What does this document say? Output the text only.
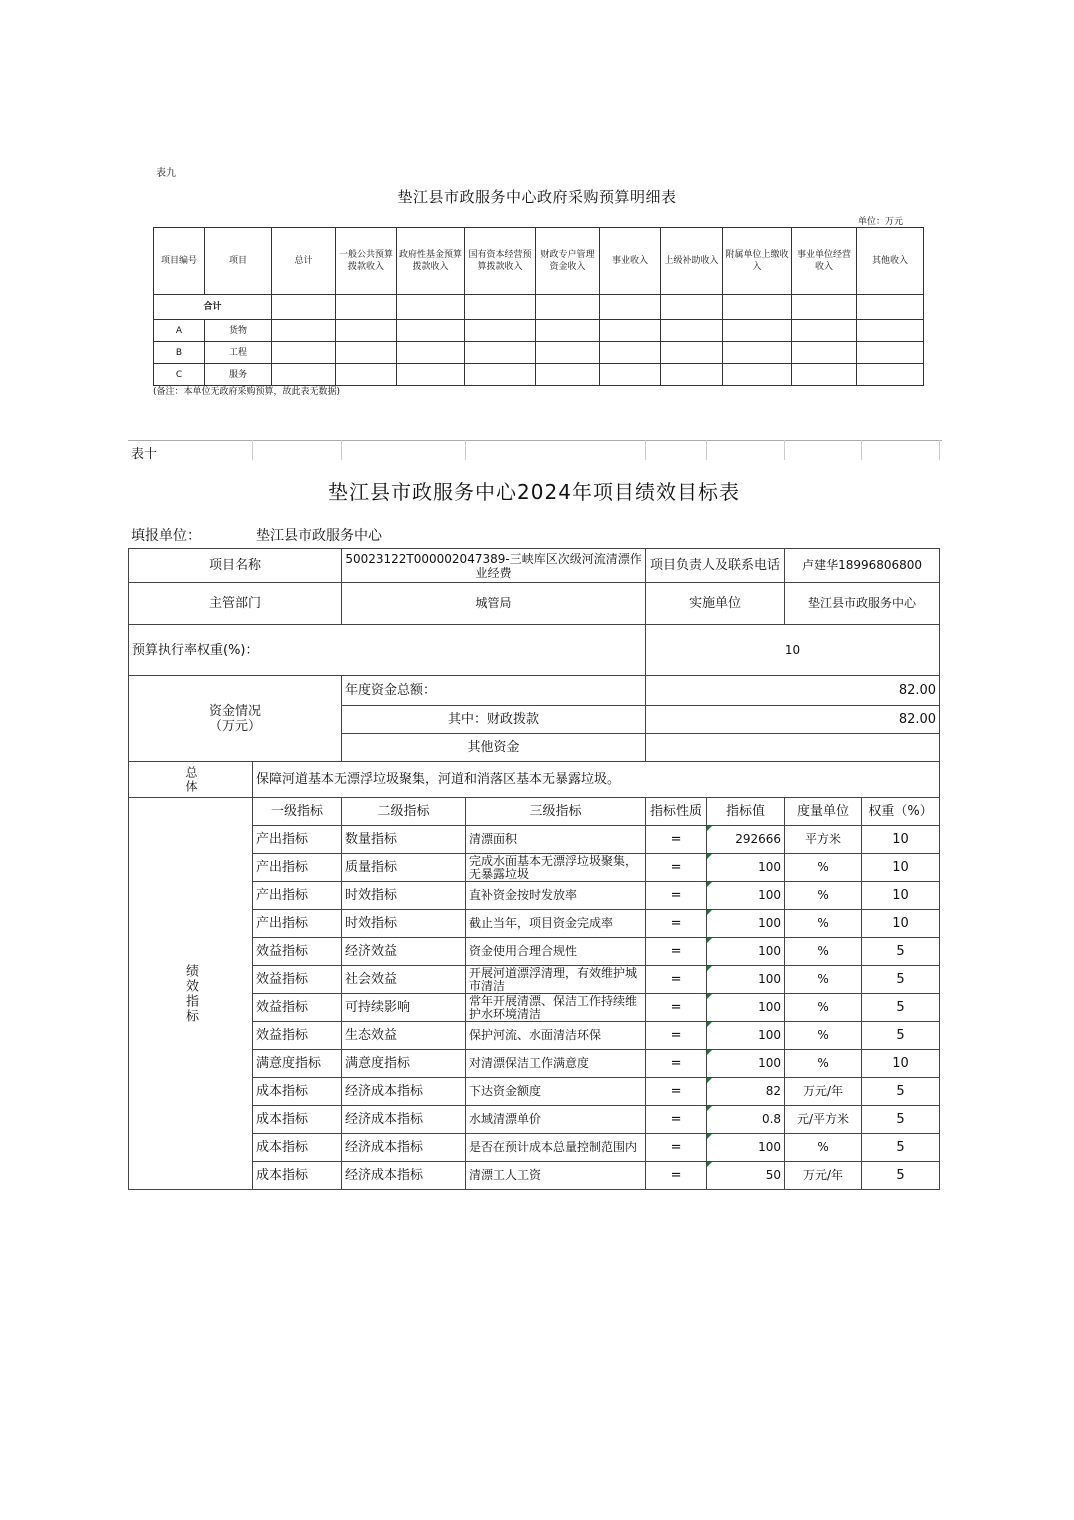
表九
垫江县市政服务中心政府采购预算明细表
单位：万元
项目编号	项目	总计	一般公共预算拨款收入	政府性基金预算拨款收入	国有资本经营预算拨款收入	财政专户管理资金收入	事业收入	上级补助收入	附属单位上缴收入	事业单位经营收入	其他收入
合计											
A	货物										
B	工程										
C	服务										
(备注：本单位无政府采购预算，故此表无数据)
表十
垫江县市政服务中心2024年项目绩效目标表
填报单位：	垫江县市政服务中心
项目名称		50023122T000002047389-三峡库区次级河流清漂作业经费		项目负责人及联系电话		卢建华18996806800	
主管部门		城管局		实施单位		垫江县市政服务中心	
预算执行率权重(%)：				10			

资金情况
（万元）		年度资金总额：		82.00			
		其中：财政拨款		82.00			
		其他资金					

总体	保障河道基本无漂浮垃圾聚集，河道和消落区基本无暴露垃圾。						

绩效指标	一级指标	二级指标	三级指标	指标性质	指标值	度量单位	权重（%）
	产出指标	数量指标	清漂面积	=	292666	平方米	10
	产出指标	质量指标	完成水面基本无漂浮垃圾聚集，无暴露垃圾	=	100	%	10
	产出指标	时效指标	直补资金按时发放率	=	100	%	10
	产出指标	时效指标	截止当年，项目资金完成率	=	100	%	10
	效益指标	经济效益	资金使用合理合规性	=	100	%	5
	效益指标	社会效益	开展河道漂浮清理，有效维护城市清洁	=	100	%	5
	效益指标	可持续影响	常年开展清漂、保洁工作持续维护水环境清洁	=	100	%	5
	效益指标	生态效益	保护河流、水面清洁环保	=	100	%	5
	满意度指标	满意度指标	对清漂保洁工作满意度	=	100	%	10
	成本指标	经济成本指标	下达资金额度	=	82	万元/年	5
	成本指标	经济成本指标	水域清漂单价	=	0.8	元/平方米	5
	成本指标	经济成本指标	是否在预计成本总量控制范围内	=	100	%	5
	成本指标	经济成本指标	清漂工人工资	=	50	万元/年	5
